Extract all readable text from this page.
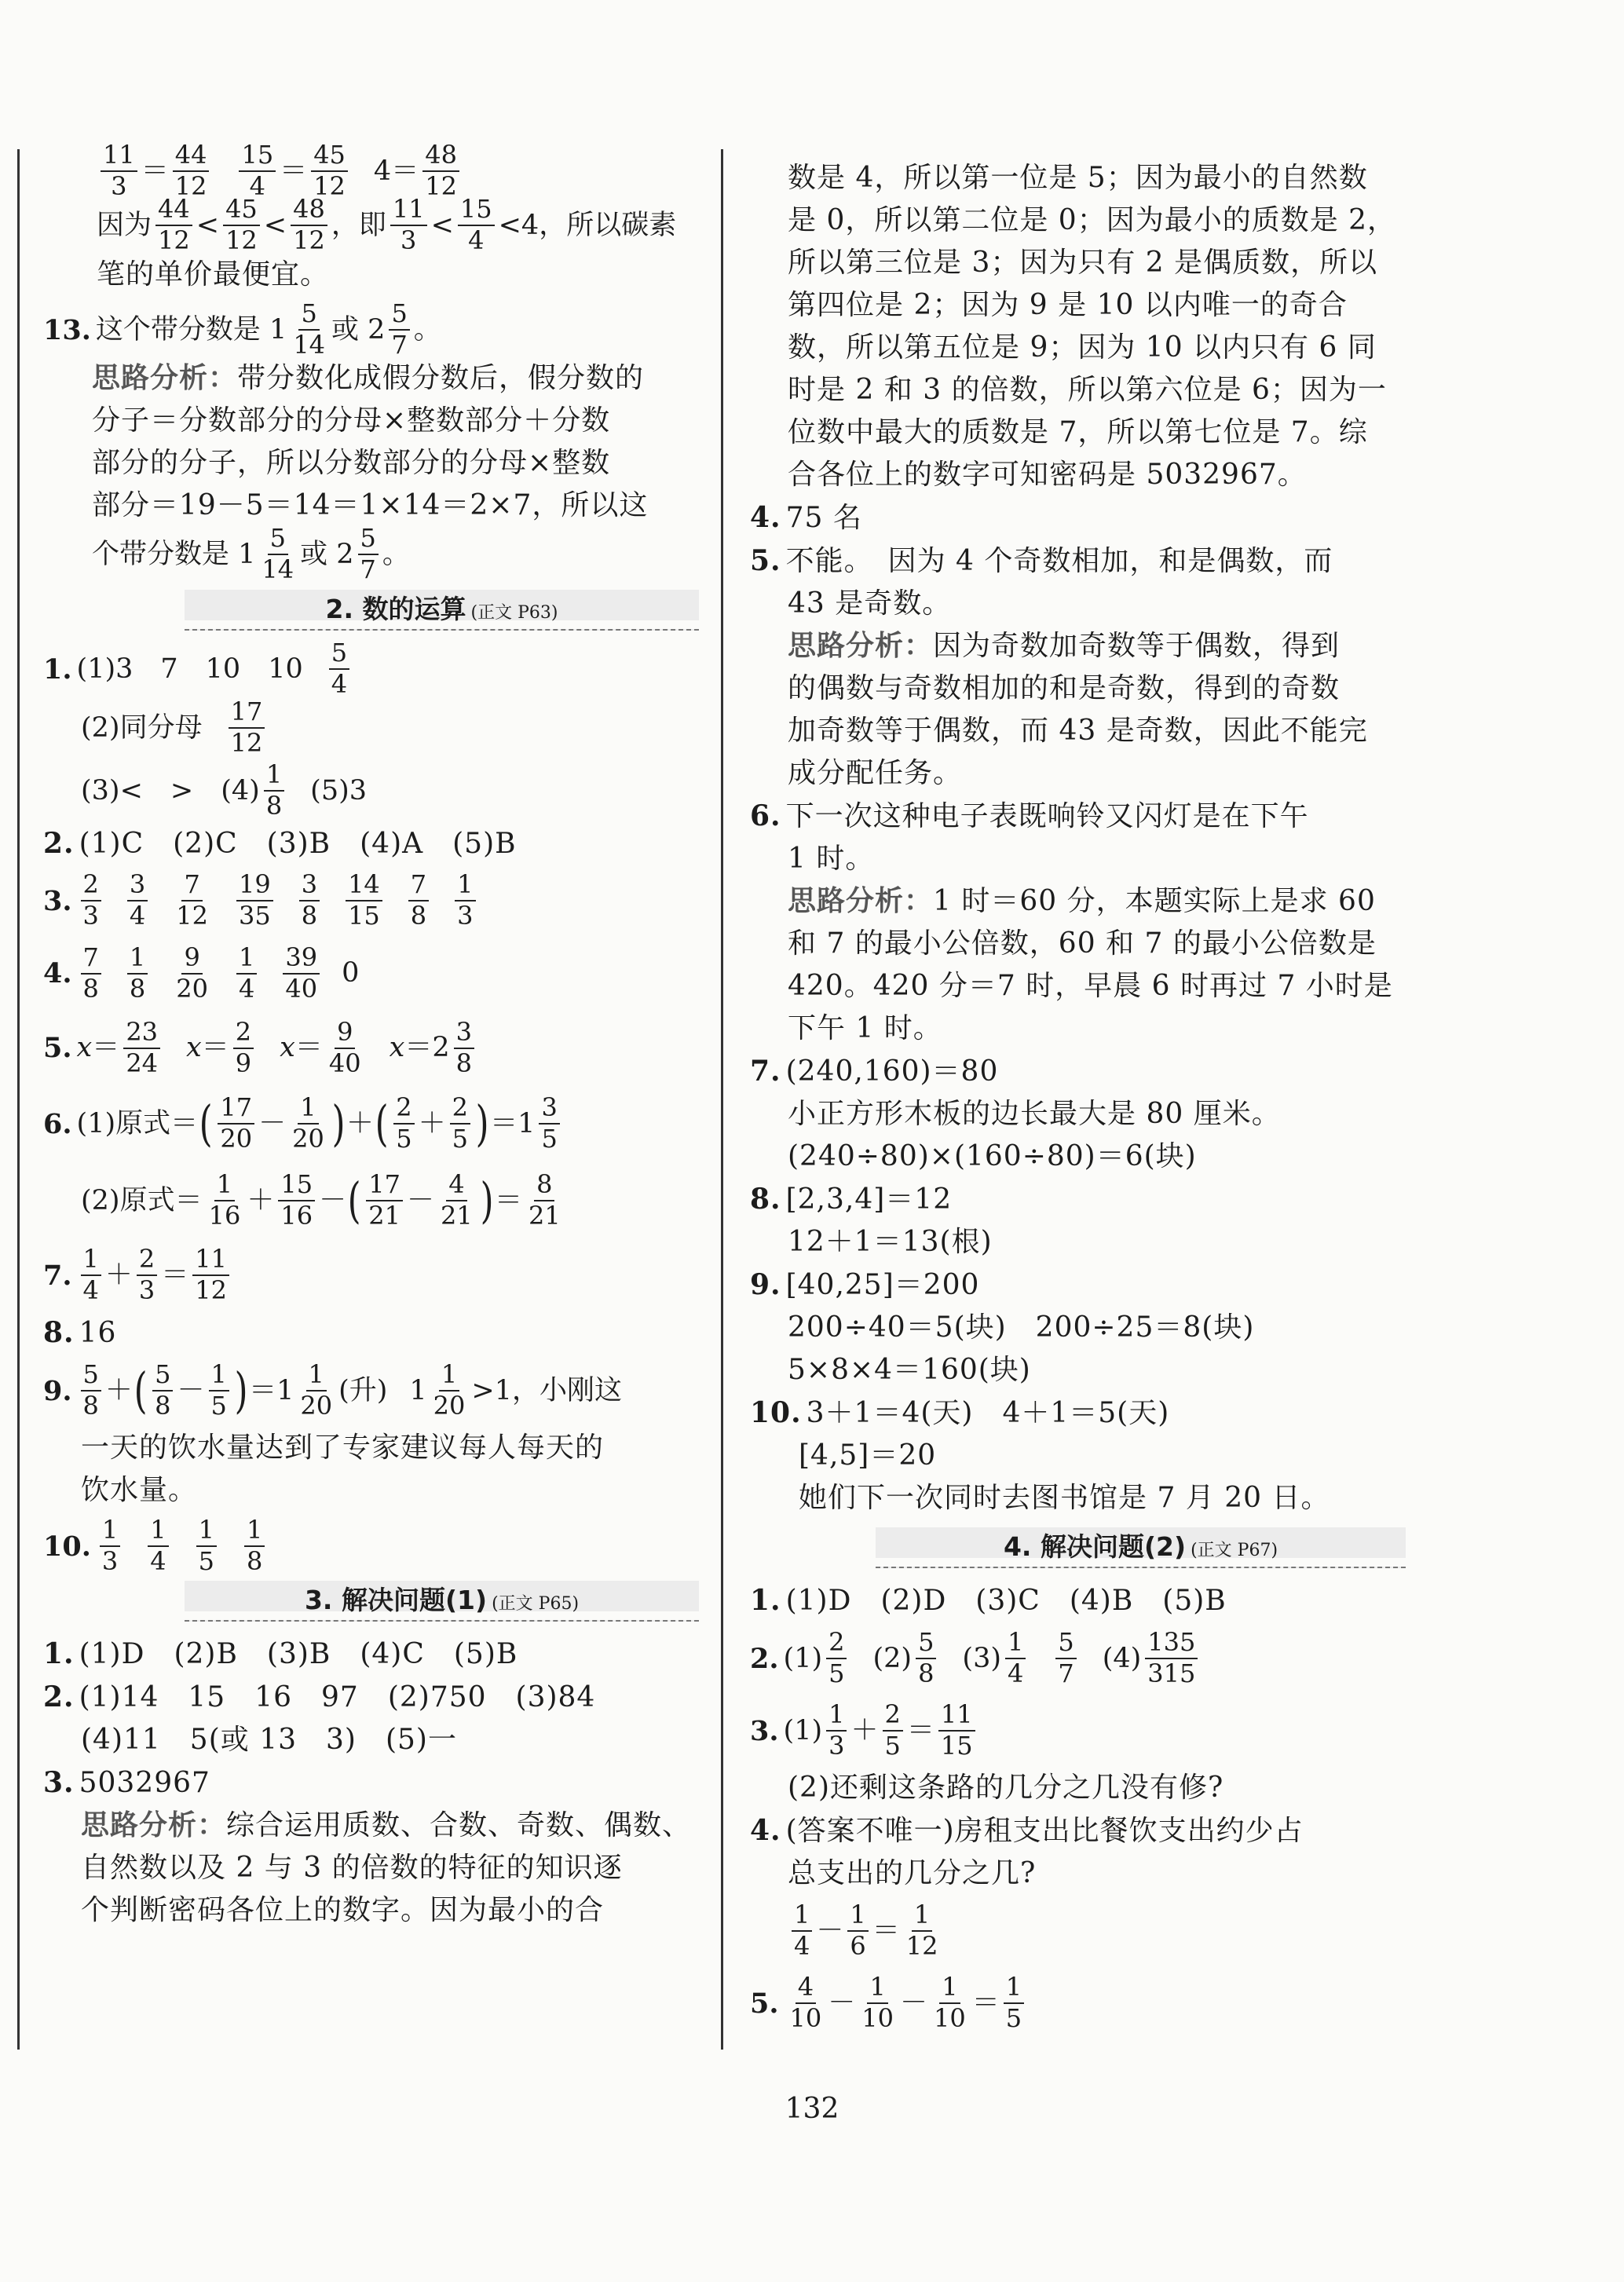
$\frac{11}{3} = \frac{44}{12} \frac{15}{4} = \frac{45}{12} 4 = \frac{48}{12}$
因为 $\frac{44}{12} < \frac{45}{12} < \frac{48}{12}$ ，即 $\frac{11}{3} < \frac{15}{4} <4$，所以碳素
笔的单价最便宜。
13. 这个带分数是 $1 \frac{5}{14}$ 或 $2 \frac{5}{7}$ 。
思路分析：带分数化成假分数后，假分数的
分子＝分数部分的分母×整数部分＋分数
部分的分子，所以分数部分的分母×整数
部分＝19－5＝14＝1×14＝2×7，所以这
个带分数是 $1 \frac{5}{14}$ 或 $2 \frac{5}{7}$ 。
2. 数的运算 (正文 P63)
1. (1)3　7　10　$10 \frac{5}{4}$
(2)同分母 $\frac{17}{12}$
(3)<　>　$(4) \frac{1}{8} (5)3$
2. (1)C　(2)C　(3)B　(4)A　(5)B
3. $\frac{2}{3} \frac{3}{4} \frac{7}{12} \frac{19}{35} \frac{3}{8} \frac{14}{15} \frac{7}{8} \frac{1}{3}$
4. $\frac{7}{8} \frac{1}{8} \frac{9}{20} \frac{1}{4} \frac{39}{40} 0$
5. $x = \frac{23}{24}$ $x = \frac{2}{9}$ $x = \frac{9}{40}$ $x =2 \frac{3}{8}$
6. (1) 原式 ＝ ( $\frac{17}{20} - \frac{1}{20}$ ) ＋ ( $\frac{2}{5} + \frac{2}{5}$ ) $=1 \frac{3}{5}$
(2) 原式 ＝ $\frac{1}{16} + \frac{15}{16}$ － ( $\frac{17}{21} - \frac{4}{21}$ ) ＝ $\frac{8}{21}$
7. $\frac{1}{4} + \frac{2}{3} = \frac{11}{12}$
8. 16
9. $\frac{5}{8}$ ＋ ( $\frac{5}{8} - \frac{1}{5}$ ) $=1 \frac{1}{20}$ (升) $1 \frac{1}{20} >1$，小刚这
一天的饮水量达到了专家建议每人每天的
饮水量。
10. $\frac{1}{3} \frac{1}{4} \frac{1}{5} \frac{1}{8}$
3. 解决问题(1) (正文 P65)
1. (1)D　(2)B　(3)B　(4)C　(5)B
2. (1)14　15　16　97　(2)750　(3)84
(4)11　5(或 13　3)　(5)一
3. 5032967
思路分析：综合运用质数、合数、奇数、偶数、
自然数以及 2 与 3 的倍数的特征的知识逐
个判断密码各位上的数字。因为最小的合
数是 4，所以第一位是 5；因为最小的自然数
是 0，所以第二位是 0；因为最小的质数是 2，
所以第三位是 3；因为只有 2 是偶质数，所以
第四位是 2；因为 9 是 10 以内唯一的奇合
数，所以第五位是 9；因为 10 以内只有 6 同
时是 2 和 3 的倍数，所以第六位是 6；因为一
位数中最大的质数是 7，所以第七位是 7。综
合各位上的数字可知密码是 5032967。
4. 75 名
5. 不能。　因为 4 个奇数相加，和是偶数，而
43 是奇数。
思路分析：因为奇数加奇数等于偶数，得到
的偶数与奇数相加的和是奇数，得到的奇数
加奇数等于偶数，而 43 是奇数，因此不能完
成分配任务。
6. 下一次这种电子表既响铃又闪灯是在下午
1 时。
思路分析：1 时＝60 分，本题实际上是求 60
和 7 的最小公倍数，60 和 7 的最小公倍数是
420。420 分＝7 时，早晨 6 时再过 7 小时是
下午 1 时。
7. (240,160)＝80
小正方形木板的边长最大是 80 厘米。
(240÷80)×(160÷80)＝6(块)
8. [2,3,4]＝12
12＋1＝13(根)
9. [40,25]＝200
200÷40＝5(块)　200÷25＝8(块)
5×8×4＝160(块)
10. 3＋1＝4(天)　4＋1＝5(天)
[4,5]＝20
她们下一次同时去图书馆是 7 月 20 日。
4. 解决问题(2) (正文 P67)
1. (1)D　(2)D　(3)C　(4)B　(5)B
2. $(1) \frac{2}{5} (2) \frac{5}{8} (3) \frac{1}{4} \frac{5}{7} (4) \frac{135}{315}$
3. $(1) \frac{1}{3} + \frac{2}{5} = \frac{11}{15}$
(2)还剩这条路的几分之几没有修?
4. (答案不唯一)房租支出比餐饮支出约少占
总支出的几分之几?
$\frac{1}{4} - \frac{1}{6} = \frac{1}{12}$
5. $\frac{4}{10} - \frac{1}{10} - \frac{1}{10} = \frac{1}{5}$
132
